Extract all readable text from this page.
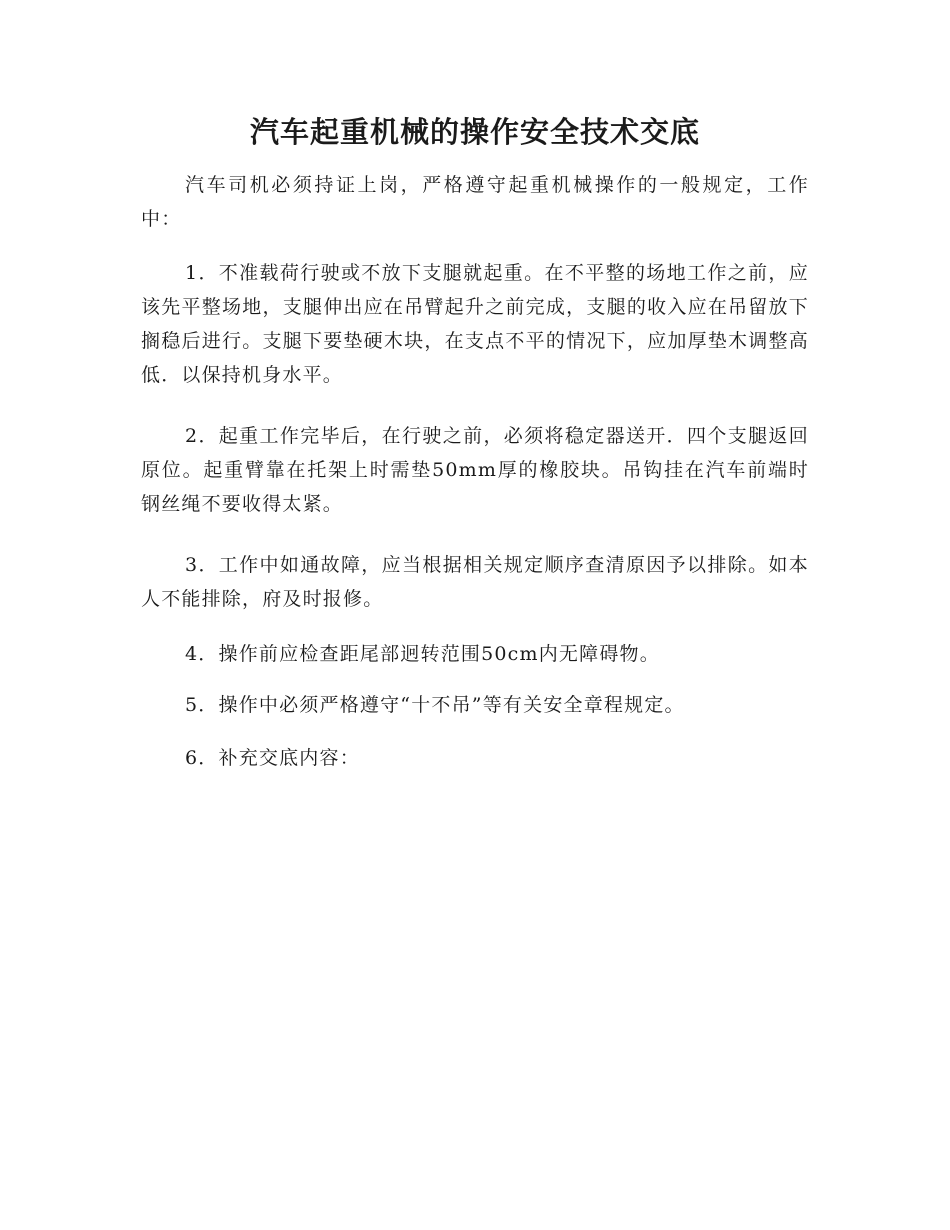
汽车起重机械的操作安全技术交底

汽车司机必须持证上岗，严格遵守起重机械操作的一般规定，工作中：

1．不准载荷行驶或不放下支腿就起重。在不平整的场地工作之前，应该先平整场地，支腿伸出应在吊臂起升之前完成，支腿的收入应在吊留放下搁稳后进行。支腿下要垫硬木块，在支点不平的情况下，应加厚垫木调整高低．以保持机身水平。

2．起重工作完毕后，在行驶之前，必须将稳定器送开．四个支腿返回原位。起重臂靠在托架上时需垫50mm厚的橡胶块。吊钩挂在汽车前端时钢丝绳不要收得太紧。

3．工作中如通故障，应当根据相关规定顺序查清原因予以排除。如本人不能排除，府及时报修。

4．操作前应检查距尾部迥转范围50cm内无障碍物。

5．操作中必须严格遵守“十不吊”等有关安全章程规定。

6．补充交底内容：
